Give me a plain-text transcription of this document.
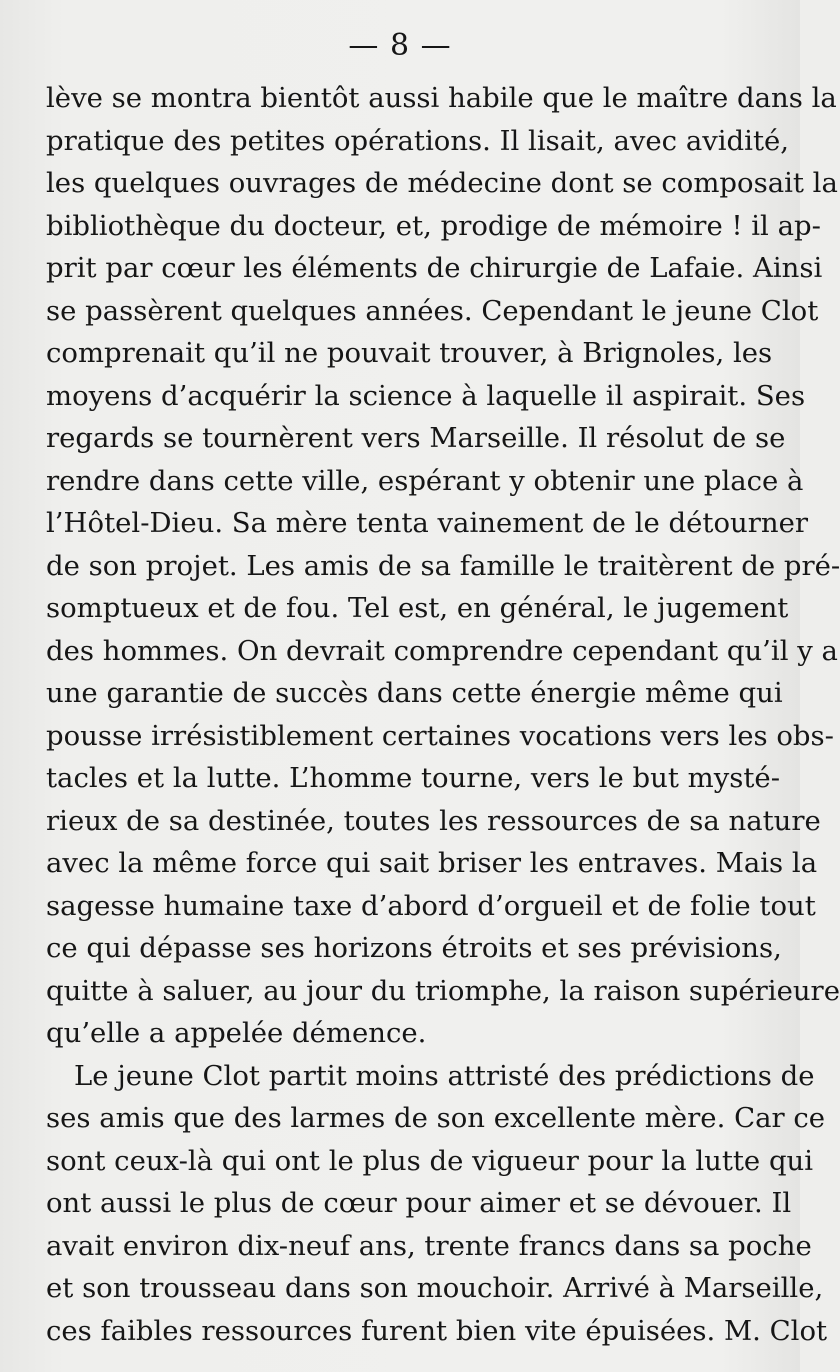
— 8 —
lève se montra bientôt aussi habile que le maître dans la
pratique des petites opérations. Il lisait, avec avidité,
les quelques ouvrages de médecine dont se composait la
bibliothèque du docteur, et, prodige de mémoire ! il ap-
prit par cœur les éléments de chirurgie de Lafaie. Ainsi
se passèrent quelques années. Cependant le jeune Clot
comprenait qu’il ne pouvait trouver, à Brignoles, les
moyens d’acquérir la science à laquelle il aspirait. Ses
regards se tournèrent vers Marseille. Il résolut de se
rendre dans cette ville, espérant y obtenir une place à
l’Hôtel-Dieu. Sa mère tenta vainement de le détourner
de son projet. Les amis de sa famille le traitèrent de pré-
somptueux et de fou. Tel est, en général, le jugement
des hommes. On devrait comprendre cependant qu’il y a
une garantie de succès dans cette énergie même qui
pousse irrésistiblement certaines vocations vers les obs-
tacles et la lutte. L’homme tourne, vers le but mysté-
rieux de sa destinée, toutes les ressources de sa nature
avec la même force qui sait briser les entraves. Mais la
sagesse humaine taxe d’abord d’orgueil et de folie tout
ce qui dépasse ses horizons étroits et ses prévisions,
quitte à saluer, au jour du triomphe, la raison supérieure
qu’elle a appelée démence.
Le jeune Clot partit moins attristé des prédictions de
ses amis que des larmes de son excellente mère. Car ce
sont ceux-là qui ont le plus de vigueur pour la lutte qui
ont aussi le plus de cœur pour aimer et se dévouer. Il
avait environ dix-neuf ans, trente francs dans sa poche
et son trousseau dans son mouchoir. Arrivé à Marseille,
ces faibles ressources furent bien vite épuisées. M. Clot
